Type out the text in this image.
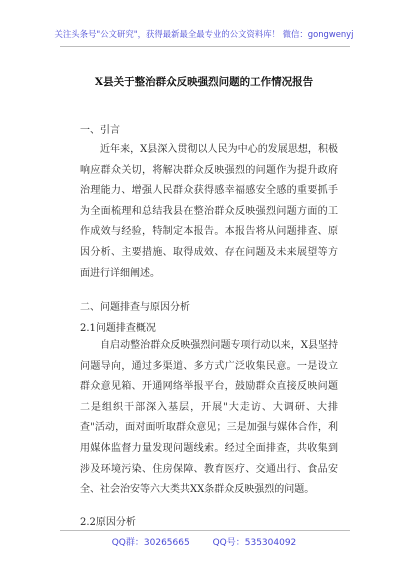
关注头条号"公文研究"，获得最新最全最专业的公文资料库！ 微信：gongwenyj
X县关于整治群众反映强烈问题的工作情况报告
一、引言

近年来，X县深入贯彻以人民为中心的发展思想，积极响应群众关切，将解决群众反映强烈的问题作为提升政府治理能力、增强人民群众获得感幸福感安全感的重要抓手为全面梳理和总结我县在整治群众反映强烈问题方面的工作成效与经验，特制定本报告。本报告将从问题排查、原因分析、主要措施、取得成效、存在问题及未来展望等方面进行详细阐述。

二、问题排查与原因分析
2.1问题排查概况

自启动整治群众反映强烈问题专项行动以来，X县坚持问题导向，通过多渠道、多方式广泛收集民意。一是设立群众意见箱、开通网络举报平台，鼓励群众直接反映问题二是组织干部深入基层，开展"大走访、大调研、大排查"活动，面对面听取群众意见；三是加强与媒体合作，利用媒体监督力量发现问题线索。经过全面排查，共收集到涉及环境污染、住房保障、教育医疗、交通出行、食品安全、社会治安等六大类共XX条群众反映强烈的问题。

2.2原因分析
QQ群：30265665	QQ号：535304092
